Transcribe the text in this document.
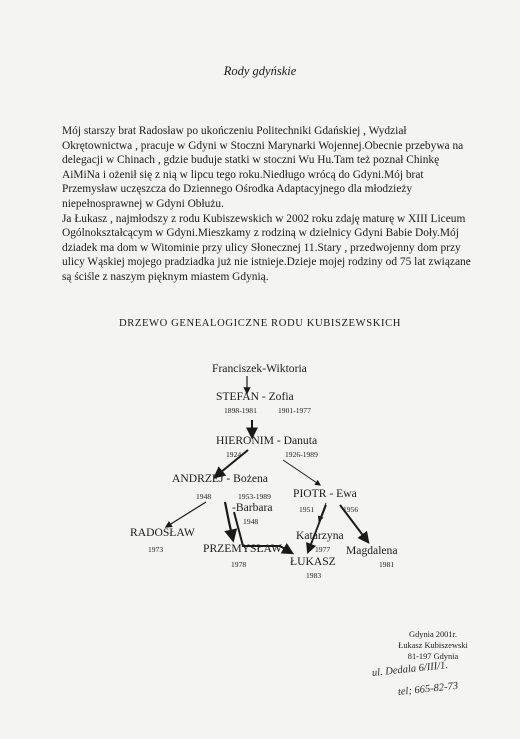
Rody gdyńskie

Mój starszy brat Radosław po ukończeniu Politechniki Gdańskiej , Wydział Okrętownictwa , pracuje w Gdyni w Stoczni Marynarki Wojennej.Obecnie przebywa na delegacji w Chinach , gdzie buduje statki w stoczni Wu Hu.Tam też poznał Chinkę AiMiNa i ożenił się z nią w lipcu tego roku.Niedługo wrócą do Gdyni.Mój brat Przemysław uczęszcza do Dziennego Ośrodka Adaptacyjnego dla młodzieży niepełnosprawnej w Gdyni Obłużu.

Ja Łukasz , najmłodszy z rodu Kubiszewskich w 2002 roku zdaję maturę w XIII Liceum Ogólnokształcącym w Gdyni.Mieszkamy z rodziną w dzielnicy Gdyni Babie Doły.Mój dziadek ma dom w Witominie przy ulicy Słonecznej 11.Stary , przedwojenny dom przy ulicy Wąskiej mojego pradziadka już nie istnieje.Dzieje mojej rodziny od 75 lat związane są ściśle z naszym pięknym miastem Gdynią.

DRZEWO GENEALOGICZNE RODU KUBISZEWSKICH
Franciszek-Wiktoria
STEFAN - Zofia
1898-1981	1901-1977
HIERONIM - Danuta
1924	1926-1989
ANDRZEJ - Bożena
1948	1953-1989
-Barbara
1948
PIOTR - Ewa
1951	1956
RADOSŁAW
1973
Katarzyna
1977
PRZEMYSŁAW
1978
Magdalena
1981
ŁUKASZ
1983
Gdynia 2001r.
Łukasz Kubiszewski
81-197 Gdynia
ul. Dedala 6/III/1.
tel; 665-82-73
